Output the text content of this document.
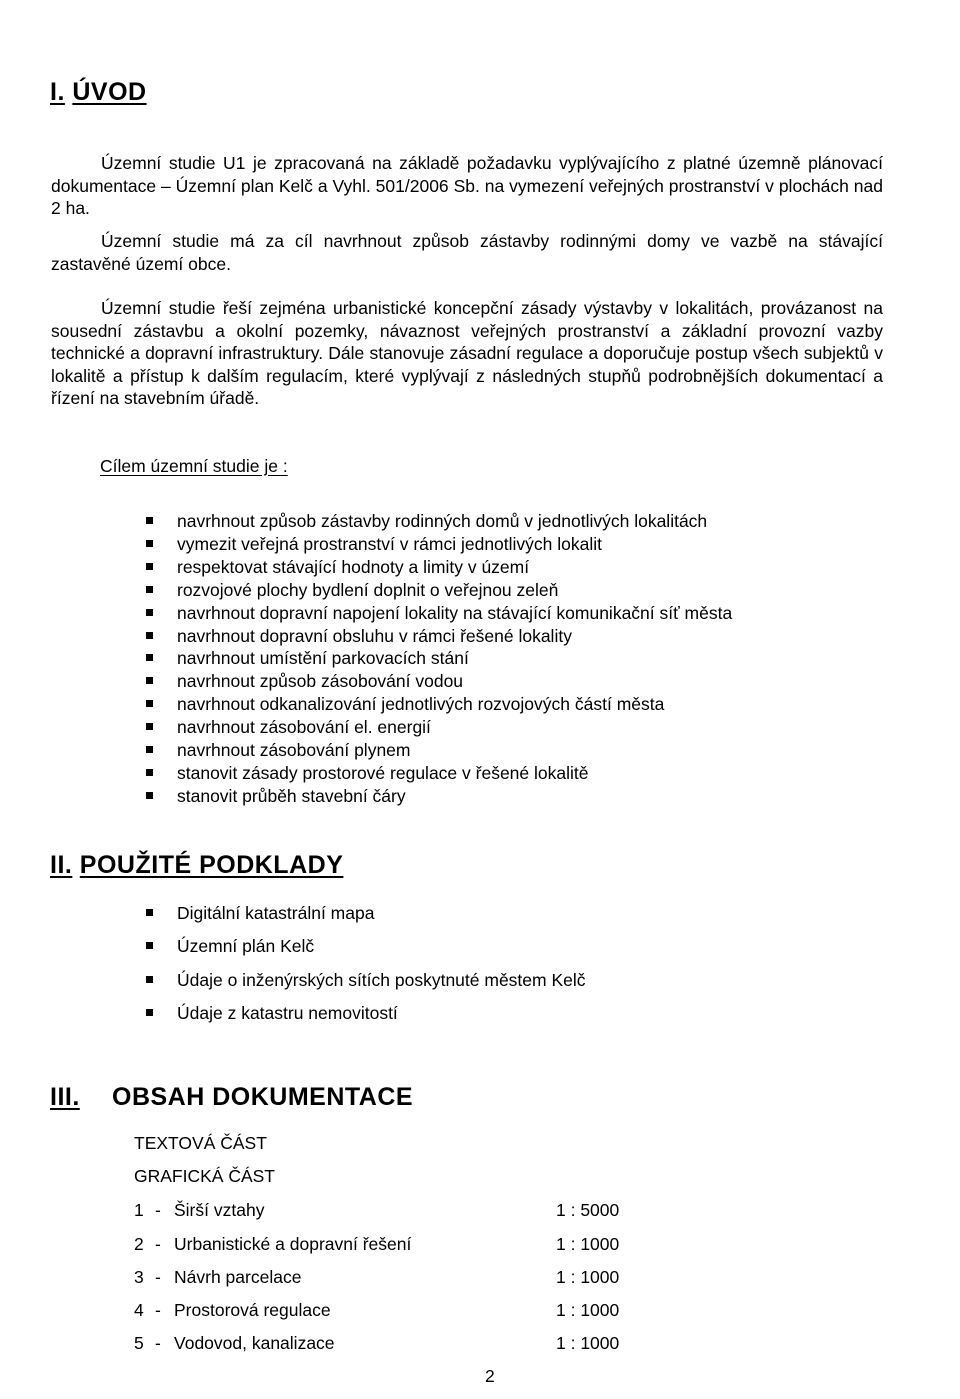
I. ÚVOD

Územní studie U1 je zpracovaná na základě požadavku vyplývajícího z platné územně plánovací dokumentace – Územní plan Kelč a Vyhl. 501/2006 Sb. na vymezení veřejných prostranství v plochách nad 2 ha.

Územní studie má za cíl navrhnout způsob zástavby rodinnými domy ve vazbě na stávající zastavěné území obce.

Územní studie řeší zejména urbanistické koncepční zásady výstavby v lokalitách, provázanost na sousední zástavbu a okolní pozemky, návaznost veřejných prostranství a základní provozní vazby technické a dopravní infrastruktury. Dále stanovuje zásadní regulace a doporučuje postup všech subjektů v lokalitě a přístup k dalším regulacím, které vyplývají z následných stupňů podrobnějších dokumentací a řízení na stavebním úřadě.

Cílem územní studie je :
navrhnout způsob zástavby rodinných domů v jednotlivých lokalitách
vymezit veřejná prostranství v rámci jednotlivých lokalit
respektovat stávající hodnoty a limity v území
rozvojové plochy bydlení doplnit o veřejnou zeleň
navrhnout dopravní napojení lokality na stávající komunikační síť města
navrhnout dopravní obsluhu v rámci řešené lokality
navrhnout umístění parkovacích stání
navrhnout způsob zásobování vodou
navrhnout odkanalizování jednotlivých rozvojových částí města
navrhnout zásobování el. energií
navrhnout zásobování plynem
stanovit zásady prostorové regulace v řešené lokalitě
stanovit průběh stavební čáry
II. POUŽITÉ PODKLADY
Digitální katastrální mapa
Územní plán Kelč
Údaje o inženýrských sítích poskytnuté městem Kelč
Údaje z katastru nemovitostí
III. OBSAH DOKUMENTACE
TEXTOVÁ ČÁST
GRAFICKÁ ČÁST
1 - Širší vztahy	1 : 5000
2 - Urbanistické a dopravní řešení	1 : 1000
3 - Návrh parcelace	1 : 1000
4 - Prostorová regulace	1 : 1000
5 - Vodovod, kanalizace	1 : 1000
2
